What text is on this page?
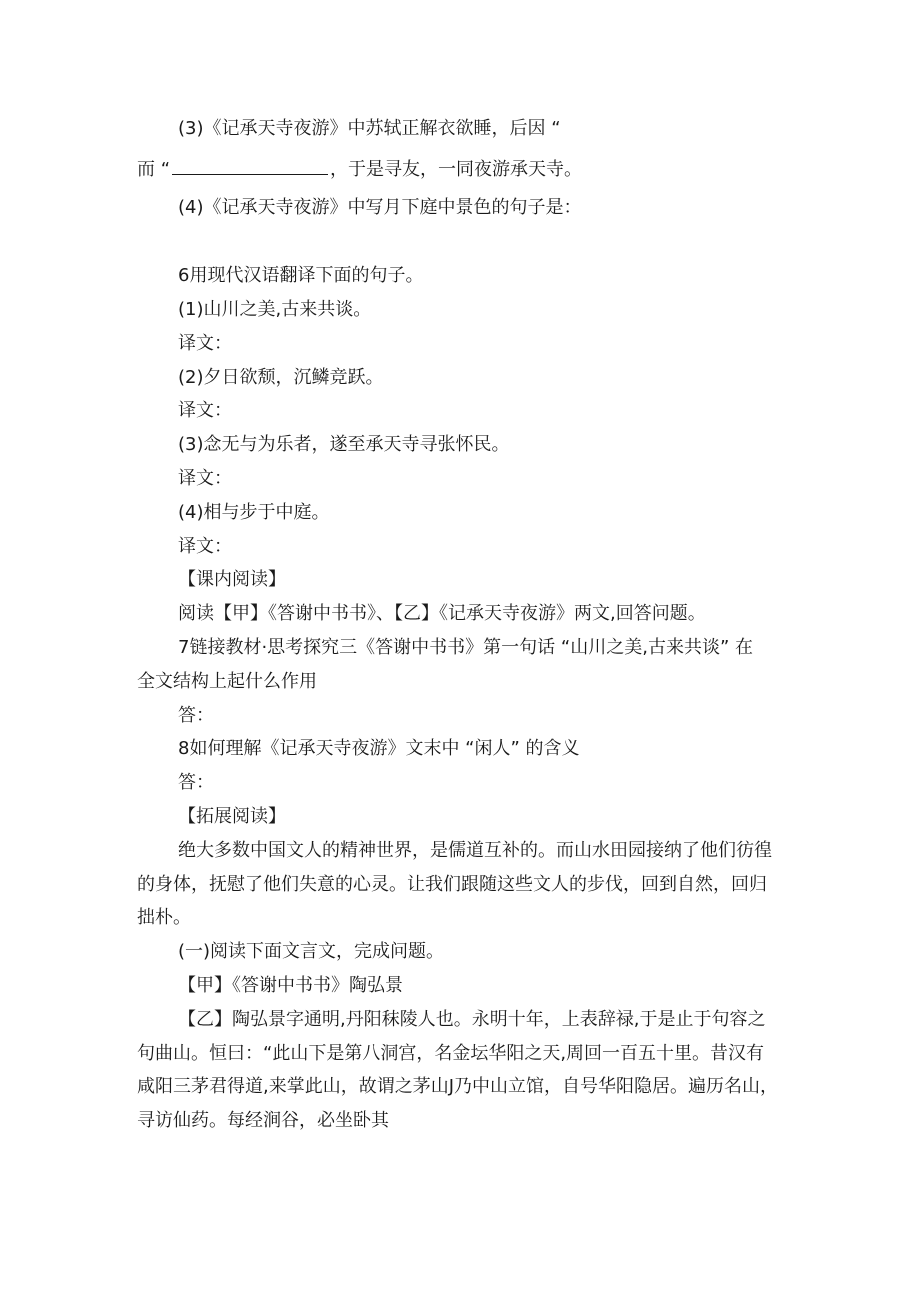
(3)《记承天寺夜游》中苏轼正解衣欲睡，后因 “
而 “	，于是寻友，一同夜游承天寺。
(4)《记承天寺夜游》中写月下庭中景色的句子是：
6用现代汉语翻译下面的句子。
(1)山川之美,古来共谈。
译文：
(2)夕日欲颓，沉鳞竞跃。
译文：
(3)念无与为乐者，遂至承天寺寻张怀民。
译文：
(4)相与步于中庭。
译文：
【课内阅读】
阅读【甲】《答谢中书书》、【乙】《记承天寺夜游》两文,回答问题。
7链接教材·思考探究三《答谢中书书》第一句话 “山川之美,古来共谈” 在
全文结构上起什么作用
答：
8如何理解《记承天寺夜游》文末中 “闲人” 的含义
答：
【拓展阅读】
绝大多数中国文人的精神世界，是儒道互补的。而山水田园接纳了他们彷徨
的身体，抚慰了他们失意的心灵。让我们跟随这些文人的步伐，回到自然，回归
拙朴。
(一)阅读下面文言文，完成问题。
【甲】《答谢中书书》陶弘景
【乙】陶弘景字通明,丹阳秣陵人也。永明十年，上表辞禄,于是止于句容之
句曲山。恒曰：“此山下是第八洞宫，名金坛华阳之天,周回一百五十里。昔汉有
咸阳三茅君得道,来掌此山，故谓之茅山J乃中山立馆，自号华阳隐居。遍历名山，
寻访仙药。每经涧谷，必坐卧其
